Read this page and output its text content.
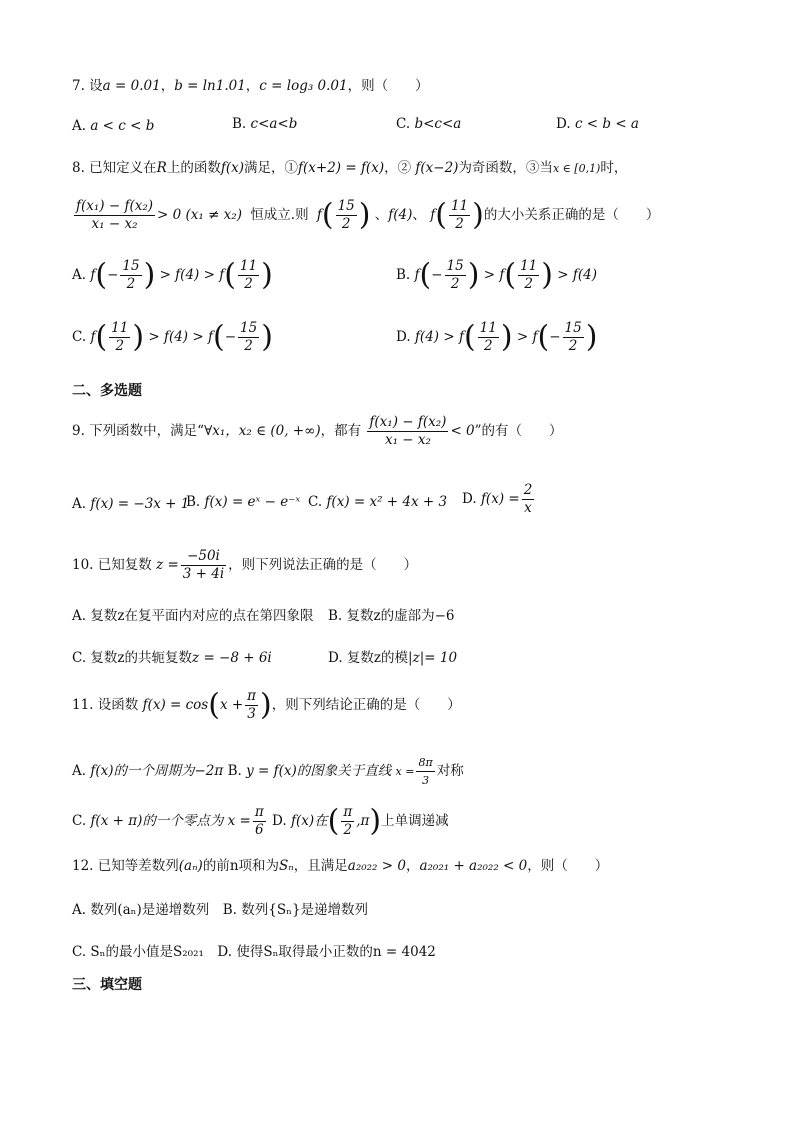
7. 设a = 0.01，b = ln1.01，c = log₃ 0.01，则（　　）
A. a < c < b	B. c<a<b	C. b<c<a	D. c < b < a
8. 已知定义在R上的函数f(x)满足，①f(x+2) = f(x)，② f(x−2)为奇函数，③当x ∈ [0,1)时，
$\frac{\text{f(x₁) − f(x₂)}}{\text{x₁ − x₂}} > 0$ (x₁ ≠ x₂) 恒成立.则 $f( \frac{15}{2}$ ) 、f(4)、 $f( \frac{11}{2}$ )的大小关系正确的是（　　）
A. $f(- \frac{15}{2}$ ) > $f(4) > f( \frac{11}{2}$ )	B. $f(- \frac{15}{2}$ ) > $f( \frac{11}{2}$ ) > f(4)
C. $f( \frac{11}{2}$ ) > $f(4) > f(- \frac{15}{2}$ )	D. $f(4) > f( \frac{11}{2}$ ) > $f(- \frac{15}{2}$ )
二、多选题
9. 下列函数中，满足“∀x₁，x₂ ∈ (0, +∞)，都有 $\frac{\text{f(x₁) − f(x₂)}}{\text{x₁ − x₂}} < 0$”的有（　　）
A. f(x) = −3x + 1
B. f(x) = eˣ − e⁻ˣ C. f(x) = x² + 4x + 3 D. $f(x) = \frac{2}{x}$
10. 已知复数 $z = \frac{-50i}{3 + 4i}$ ，则下列说法正确的是（　　）
A. 复数z在复平面内对应的点在第四象限 B. 复数z的虚部为−6
C. 复数z的共轭复数z = −8 + 6i	D. 复数z的模|z|= 10
11. 设函数 $f(x) = \cos(x + \frac{\pi}{3}$ )，则下列结论正确的是（　　）
A. f(x)的一个周期为−2π B. y = f(x)的图象关于直线 $x = \frac{8\pi}{3}$ 对称
C. f(x + π)的一个零点为 $x = \frac{\pi}{6} D$. f(x)在( $\frac{\pi}{2} ,\pi$)上单调递减
12. 已知等差数列(aₙ)的前n项和为Sₙ，且满足a₂₀₂₂ > 0，a₂₀₂₁ + a₂₀₂₂ < 0，则（　　）
A. 数列(aₙ)是递增数列　 B. 数列{Sₙ}是递增数列
C. Sₙ的最小值是S₂₀₂₁　 D. 使得Sₙ取得最小正数的n = 4042
三、填空题
